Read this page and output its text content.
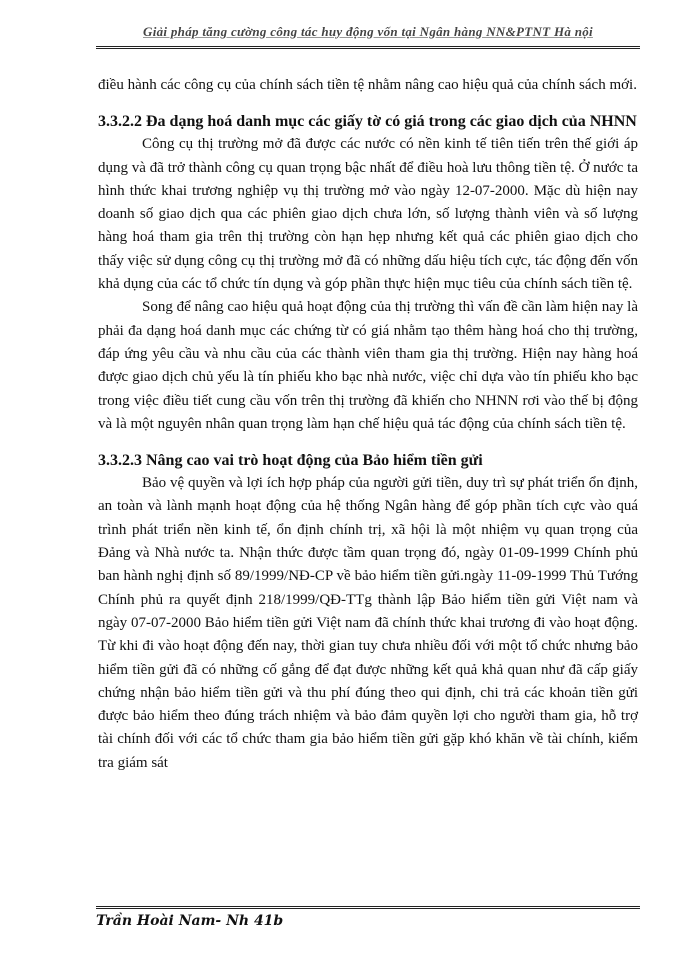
Giải pháp tăng cường công tác huy động vốn tại Ngân hàng NN&PTNT Hà nội

điều hành các công cụ của chính sách tiền tệ nhằm nâng cao hiệu quả của chính sách mới.

3.3.2.2 Đa dạng hoá danh mục các giấy tờ có giá trong các giao dịch của NHNN

Công cụ thị trường mở đã được các nước có nền kinh tế tiên tiến trên thế giới áp dụng và đã trở thành công cụ quan trọng bậc nhất để điều hoà lưu thông tiền tệ. Ở nước ta hình thức khai trương nghiệp vụ thị trường mở vào ngày 12-07-2000. Mặc dù hiện nay doanh số giao dịch qua các phiên giao dịch chưa lớn, số lượng thành viên và số lượng hàng hoá tham gia trên thị trường còn hạn hẹp nhưng kết quả các phiên giao dịch cho thấy việc sử dụng công cụ thị trường mở đã có những dấu hiệu tích cực, tác động đến vốn khả dụng của các tổ chức tín dụng và góp phần thực hiện mục tiêu của chính sách tiền tệ.

Song để nâng cao hiệu quả hoạt động của thị trường thì vấn đề cần làm hiện nay là phải đa dạng hoá danh mục các chứng từ có giá nhằm tạo thêm hàng hoá cho thị trường, đáp ứng yêu cầu và nhu cầu của các thành viên tham gia thị trường. Hiện nay hàng hoá được giao dịch chủ yếu là tín phiếu kho bạc nhà nước, việc chỉ dựa vào tín phiếu kho bạc trong việc điều tiết cung cầu vốn trên thị trường đã khiến cho NHNN rơi vào thế bị động và là một nguyên nhân quan trọng làm hạn chế hiệu quả tác động của chính sách tiền tệ.

3.3.2.3 Nâng cao vai trò hoạt động của Bảo hiểm tiền gửi

Bảo vệ quyền và lợi ích hợp pháp của người gửi tiền, duy trì sự phát triển ổn định, an toàn và lành mạnh hoạt động của hệ thống Ngân hàng để góp phần tích cực vào quá trình phát triển nền kinh tế, ổn định chính trị, xã hội là một nhiệm vụ quan trọng của Đảng và Nhà nước ta. Nhận thức được tầm quan trọng đó, ngày 01-09-1999 Chính phủ ban hành nghị định số 89/1999/NĐ-CP về bảo hiểm tiền gửi.ngày 11-09-1999 Thủ Tướng Chính phủ ra quyết định 218/1999/QĐ-TTg thành lập Bảo hiểm tiền gửi Việt nam và ngày 07-07-2000 Bảo hiểm tiền gửi Việt nam đã chính thức khai trương đi vào hoạt động. Từ khi đi vào hoạt động đến nay, thời gian tuy chưa nhiều đối với một tổ chức nhưng bảo hiểm tiền gửi đã có những cố gắng để đạt được những kết quả khả quan như đã cấp giấy chứng nhận bảo hiểm tiền gửi và thu phí đúng theo qui định, chi trả các khoản tiền gửi được bảo hiểm theo đúng trách nhiệm và bảo đảm quyền lợi cho người tham gia, hỗ trợ tài chính đối với các tổ chức tham gia bảo hiểm tiền gửi gặp khó khăn về tài chính, kiểm tra giám sát

Trần Hoài Nam- Nh 41b
